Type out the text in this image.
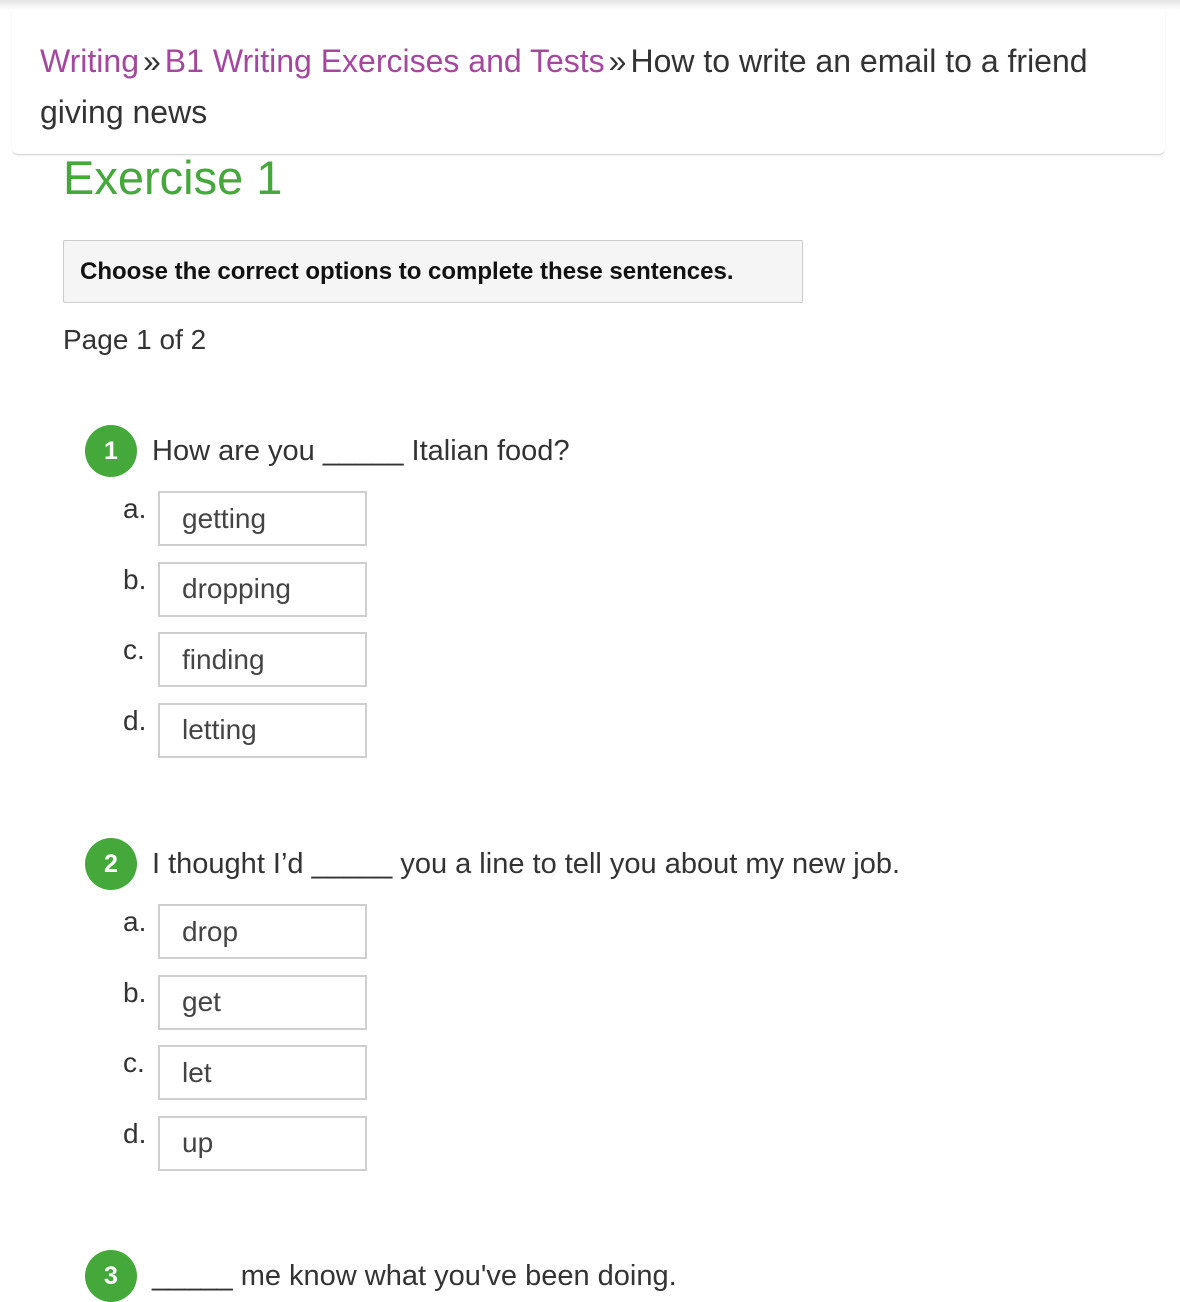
Writing » B1 Writing Exercises and Tests » How to write an email to a friend giving news
Exercise 1
Choose the correct options to complete these sentences.
Page 1 of 2
1	How are you _____ Italian food?
a.	getting
b.	dropping
c.	finding
d.	letting
2	I thought I’d _____ you a line to tell you about my new job.
a.	drop
b.	get
c.	let
d.	up
3	_____ me know what you've been doing.
